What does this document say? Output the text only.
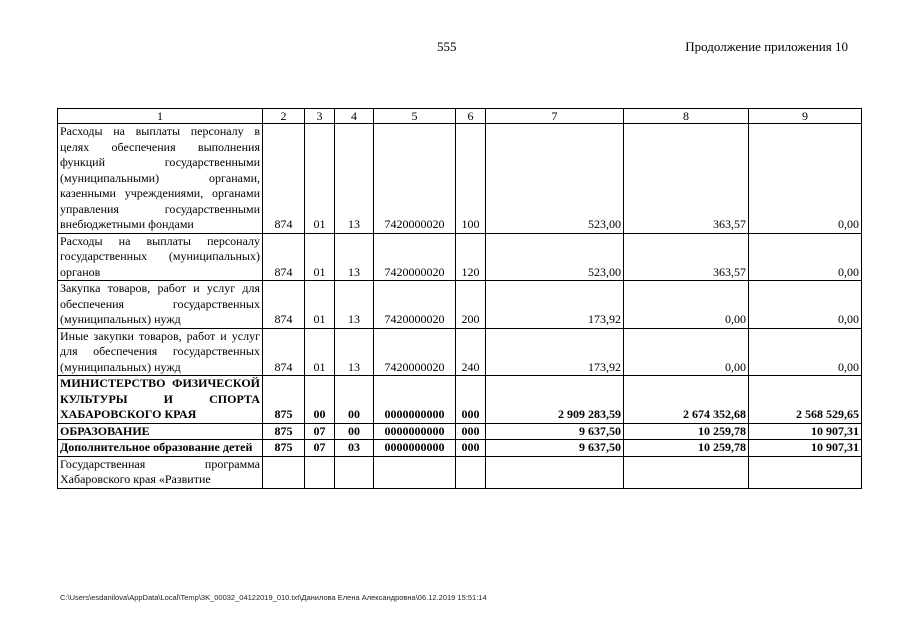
555	Продолжение приложения 10
1	2	3	4	5	6	7	8	9
Расходы на выплаты персоналу в целях обеспечения выполнения функций государственными (муниципальными) органами, казенными учреждениями, органами управления государственными внебюджетными фондами	874	01	13	7420000020	100	523,00	363,57	0,00
Расходы на выплаты персоналу государственных (муниципальных) органов	874	01	13	7420000020	120	523,00	363,57	0,00
Закупка товаров, работ и услуг для обеспечения государственных (муниципальных) нужд	874	01	13	7420000020	200	173,92	0,00	0,00
Иные закупки товаров, работ и услуг для обеспечения государственных (муниципальных) нужд	874	01	13	7420000020	240	173,92	0,00	0,00
МИНИСТЕРСТВО ФИЗИЧЕСКОЙ КУЛЬТУРЫ И СПОРТА ХАБАРОВСКОГО КРАЯ	875	00	00	0000000000	000	2 909 283,59	2 674 352,68	2 568 529,65
ОБРАЗОВАНИЕ	875	07	00	0000000000	000	9 637,50	10 259,78	10 907,31
Дополнительное образование детей	875	07	03	0000000000	000	9 637,50	10 259,78	10 907,31
Государственная программа Хабаровского края «Развитие								
C:\Users\esdanilova\AppData\Local\Temp\3K_00032_04122019_010.txt\Данилова Елена Александровна\06.12.2019 15:51:14
